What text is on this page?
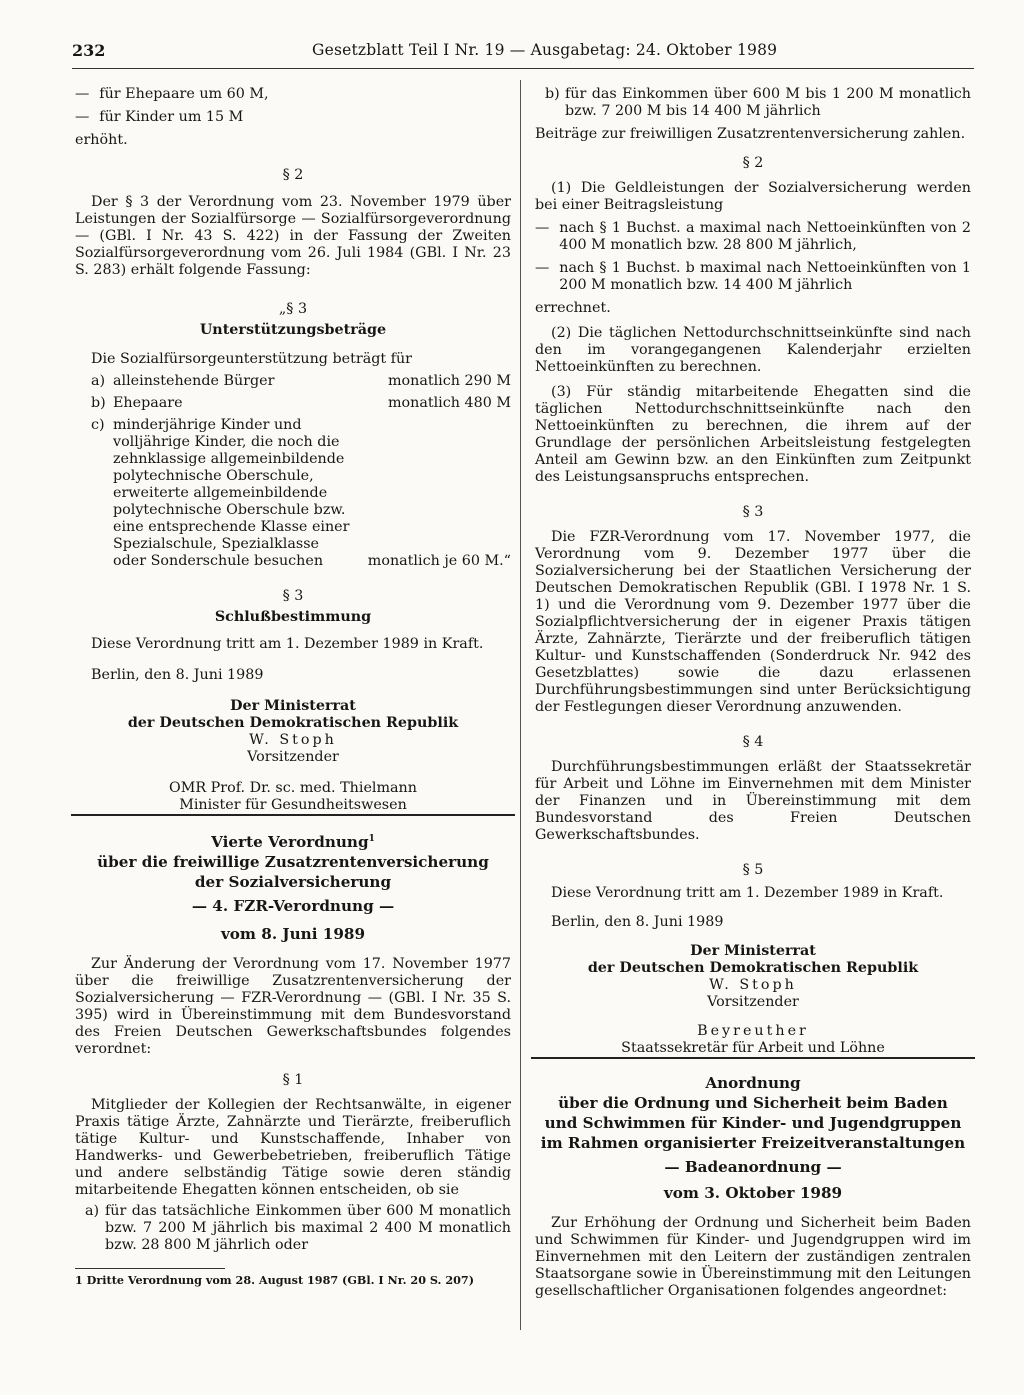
232	Gesetzblatt Teil I Nr. 19 — Ausgabetag: 24. Oktober 1989
— für Ehepaare um 60 M,
— für Kinder um 15 M

erhöht.

§ 2

Der § 3 der Verordnung vom 23. November 1979 über Leistungen der Sozialfürsorge — Sozialfürsorgeverordnung — (GBl. I Nr. 43 S. 422) in der Fassung der Zweiten Sozialfürsorgeverordnung vom 26. Juli 1984 (GBl. I Nr. 23 S. 283) erhält folgende Fassung:

„§ 3

Unterstützungsbeträge

Die Sozialfürsorgeunterstützung beträgt für

a) alleinstehende Bürger	monatlich 290 M
b) Ehepaare	monatlich 480 M
c) minderjährige Kinder und volljährige Kinder, die noch die zehnklassige allgemeinbildende polytechnische Oberschule, erweiterte allgemeinbildende polytechnische Oberschule bzw. eine entsprechende Klasse einer Spezialschule, Spezialklasse oder Sonderschule besuchen	monatlich je 60 M.“

§ 3

Schlußbestimmung

Diese Verordnung tritt am 1. Dezember 1989 in Kraft.

Berlin, den 8. Juni 1989

Der Ministerrat

der Deutschen Demokratischen Republik

W. Stoph

Vorsitzender

OMR Prof. Dr. sc. med. Thielmann

Minister für Gesundheitswesen

Vierte Verordnung$^1$

über die freiwillige Zusatzrentenversicherung

der Sozialversicherung

— 4. FZR-Verordnung —

vom 8. Juni 1989

Zur Änderung der Verordnung vom 17. November 1977 über die freiwillige Zusatzrentenversicherung der Sozialversicherung — FZR-Verordnung — (GBl. I Nr. 35 S. 395) wird in Übereinstimmung mit dem Bundesvorstand des Freien Deutschen Gewerkschaftsbundes folgendes verordnet:

§ 1

Mitglieder der Kollegien der Rechtsanwälte, in eigener Praxis tätige Ärzte, Zahnärzte und Tierärzte, freiberuflich tätige Kultur- und Kunstschaffende, Inhaber von Handwerks- und Gewerbebetrieben, freiberuflich Tätige und andere selbständig Tätige sowie deren ständig mitarbeitende Ehegatten können entscheiden, ob sie

a) für das tatsächliche Einkommen über 600 M monatlich bzw. 7 200 M jährlich bis maximal 2 400 M monatlich bzw. 28 800 M jährlich oder

1 Dritte Verordnung vom 28. August 1987 (GBl. I Nr. 20 S. 207)

b) für das Einkommen über 600 M bis 1 200 M monatlich bzw. 7 200 M bis 14 400 M jährlich

Beiträge zur freiwilligen Zusatzrentenversicherung zahlen.

§ 2

(1) Die Geldleistungen der Sozialversicherung werden bei einer Beitragsleistung

— nach § 1 Buchst. a maximal nach Nettoeinkünften von 2 400 M monatlich bzw. 28 800 M jährlich,
— nach § 1 Buchst. b maximal nach Nettoeinkünften von 1 200 M monatlich bzw. 14 400 M jährlich

errechnet.

(2) Die täglichen Nettodurchschnittseinkünfte sind nach den im vorangegangenen Kalenderjahr erzielten Nettoeinkünften zu berechnen.

(3) Für ständig mitarbeitende Ehegatten sind die täglichen Nettodurchschnittseinkünfte nach den Nettoeinkünften zu berechnen, die ihrem auf der Grundlage der persönlichen Arbeitsleistung festgelegten Anteil am Gewinn bzw. an den Einkünften zum Zeitpunkt des Leistungsanspruchs entsprechen.

§ 3

Die FZR-Verordnung vom 17. November 1977, die Verordnung vom 9. Dezember 1977 über die Sozialversicherung bei der Staatlichen Versicherung der Deutschen Demokratischen Republik (GBl. I 1978 Nr. 1 S. 1) und die Verordnung vom 9. Dezember 1977 über die Sozialpflichtversicherung der in eigener Praxis tätigen Ärzte, Zahnärzte, Tierärzte und der freiberuflich tätigen Kultur- und Kunstschaffenden (Sonderdruck Nr. 942 des Gesetzblattes) sowie die dazu erlassenen Durchführungsbestimmungen sind unter Berücksichtigung der Festlegungen dieser Verordnung anzuwenden.

§ 4

Durchführungsbestimmungen erläßt der Staatssekretär für Arbeit und Löhne im Einvernehmen mit dem Minister der Finanzen und in Übereinstimmung mit dem Bundesvorstand des Freien Deutschen Gewerkschaftsbundes.

§ 5

Diese Verordnung tritt am 1. Dezember 1989 in Kraft.

Berlin, den 8. Juni 1989

Der Ministerrat

der Deutschen Demokratischen Republik

W. Stoph

Vorsitzender

Beyreuther

Staatssekretär für Arbeit und Löhne

Anordnung

über die Ordnung und Sicherheit beim Baden

und Schwimmen für Kinder- und Jugendgruppen

im Rahmen organisierter Freizeitveranstaltungen

— Badeanordnung —

vom 3. Oktober 1989

Zur Erhöhung der Ordnung und Sicherheit beim Baden und Schwimmen für Kinder- und Jugendgruppen wird im Einvernehmen mit den Leitern der zuständigen zentralen Staatsorgane sowie in Übereinstimmung mit den Leitungen gesellschaftlicher Organisationen folgendes angeordnet:
